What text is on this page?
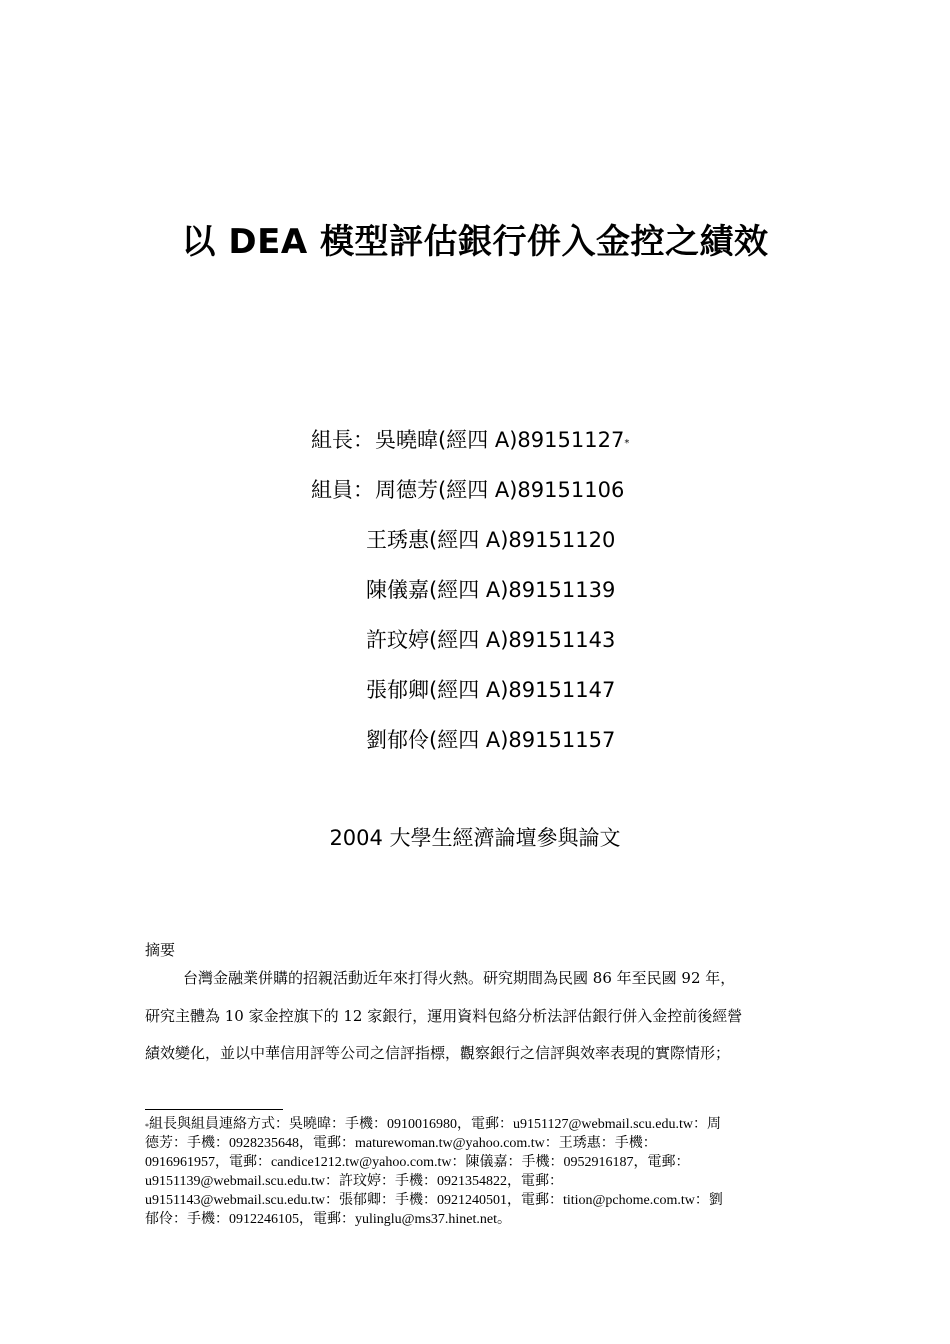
以 DEA 模型評估銀行併入金控之績效
組長： 吳曉暐(經四 A)89151127*
組員： 周德芳(經四 A)89151106
王琇惠(經四 A)89151120
陳儀嘉(經四 A)89151139
許玟婷(經四 A)89151143
張郁卿(經四 A)89151147
劉郁伶(經四 A)89151157
2004 大學生經濟論壇參與論文
摘要

台灣金融業併購的招親活動近年來打得火熱。研究期間為民國 86 年至民國 92 年，
研究主體為 10 家金控旗下的 12 家銀行，運用資料包絡分析法評估銀行併入金控前後經營
績效變化，並以中華信用評等公司之信評指標，觀察銀行之信評與效率表現的實際情形；

*組長與組員連絡方式：吳曉暐：手機：0910016980，電郵：u9151127@webmail.scu.edu.tw：周
德芳：手機：0928235648，電郵：maturewoman.tw@yahoo.com.tw：王琇惠：手機：
0916961957，電郵：candice1212.tw@yahoo.com.tw：陳儀嘉：手機：0952916187，電郵：
u9151139@webmail.scu.edu.tw：許玟婷：手機：0921354822，電郵：
u9151143@webmail.scu.edu.tw：張郁卿：手機：0921240501，電郵：tition@pchome.com.tw：劉
郁伶：手機：0912246105，電郵：yulinglu@ms37.hinet.net。
